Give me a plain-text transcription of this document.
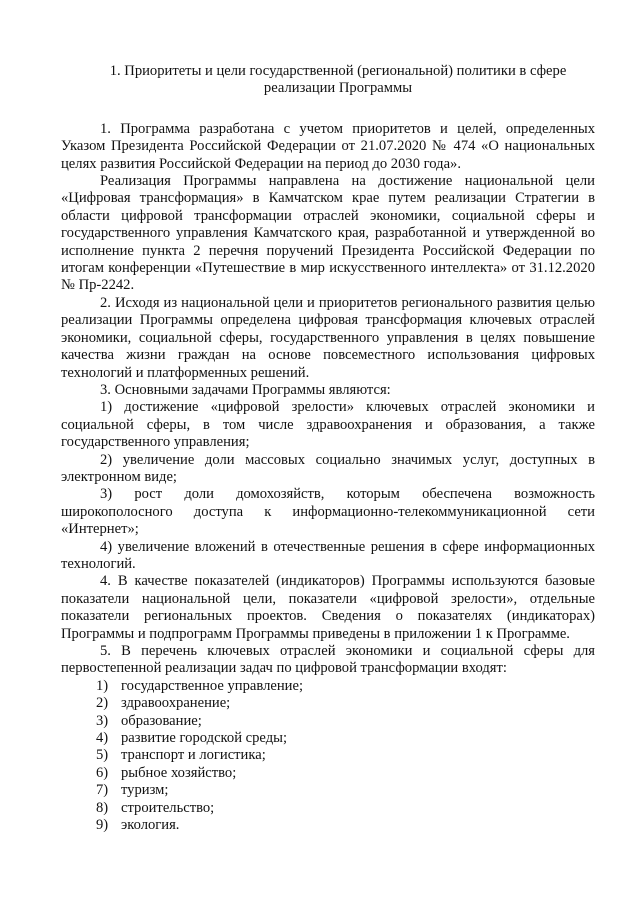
1. Приоритеты и цели государственной (региональной) политики в сфере
реализации Программы

1. Программа разработана с учетом приоритетов и целей, определенных Указом Президента Российской Федерации от 21.07.2020 № 474 «О национальных целях развития Российской Федерации на период до 2030 года».

Реализация Программы направлена на достижение национальной цели «Цифровая трансформация» в Камчатском крае путем реализации Стратегии в области цифровой трансформации отраслей экономики, социальной сферы и государственного управления Камчатского края, разработанной и утвержденной во исполнение пункта 2 перечня поручений Президента Российской Федерации по итогам конференции «Путешествие в мир искусственного интеллекта» от 31.12.2020 № Пр-2242.

2. Исходя из национальной цели и приоритетов регионального развития целью реализации Программы определена цифровая трансформация ключевых отраслей экономики, социальной сферы, государственного управления в целях повышение качества жизни граждан на основе повсеместного использования цифровых технологий и платформенных решений.

3. Основными задачами Программы являются:

1) достижение «цифровой зрелости» ключевых отраслей экономики и социальной сферы, в том числе здравоохранения и образования, а также государственного управления;

2) увеличение доли массовых социально значимых услуг, доступных в электронном виде;

3) рост доли домохозяйств, которым обеспечена возможность широкополосного доступа к информационно-телекоммуникационной сети «Интернет»;

4) увеличение вложений в отечественные решения в сфере информационных технологий.

4. В качестве показателей (индикаторов) Программы используются базовые показатели национальной цели, показатели «цифровой зрелости», отдельные показатели региональных проектов. Сведения о показателях (индикаторах) Программы и подпрограмм Программы приведены в приложении 1 к Программе.

5. В перечень ключевых отраслей экономики и социальной сферы для первостепенной реализации задач по цифровой трансформации входят:

1) государственное управление;
2) здравоохранение;
3) образование;
4) развитие городской среды;
5) транспорт и логистика;
6) рыбное хозяйство;
7) туризм;
8) строительство;
9) экология.
